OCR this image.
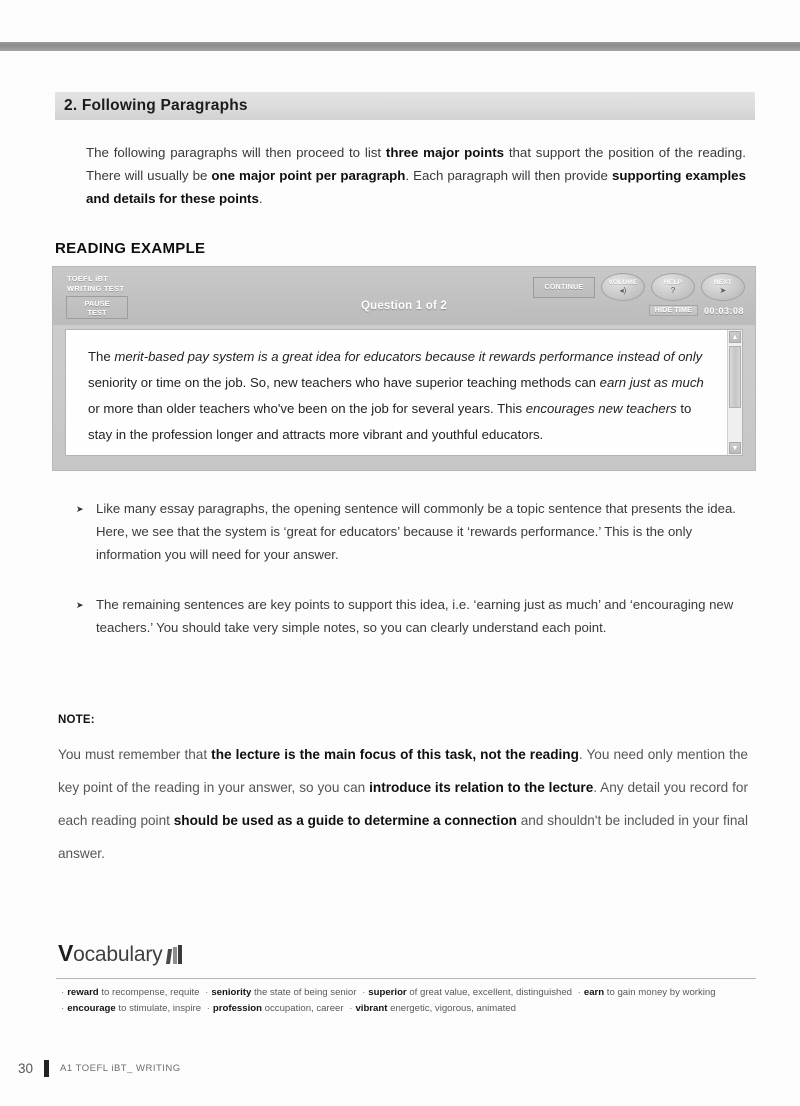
2. Following Paragraphs

The following paragraphs will then proceed to list three major points that support the position of the reading. There will usually be one major point per paragraph. Each paragraph will then provide supporting examples and details for these points.

READING EXAMPLE
TOEFL iBT
WRITING TEST
PAUSE
TEST	Question 1 of 2
CONTINUE
VOLUME
◂)
HELP
?
NEXT
➤
HIDE TIME	00:03:08
The merit-based pay system is a great idea for educators because it rewards performance instead of only seniority or time on the job. So, new teachers who have superior teaching methods can earn just as much or more than older teachers who've been on the job for several years. This encourages new teachers to stay in the profession longer and attracts more vibrant and youthful educators.
▲
▼
➤ Like many essay paragraphs, the opening sentence will commonly be a topic sentence that presents the idea. Here, we see that the system is ‘great for educators’ because it ‘rewards performance.’ This is the only information you will need for your answer.
➤ The remaining sentences are key points to support this idea, i.e. ‘earning just as much’ and ‘encouraging new teachers.’ You should take very simple notes, so you can clearly understand each point.
NOTE:
You must remember that the lecture is the main focus of this task, not the reading. You need only mention the key point of the reading in your answer, so you can introduce its relation to the lecture. Any detail you record for each reading point should be used as a guide to determine a connection and shouldn't be included in your final answer.
Vocabulary
· reward to recompense, requite · seniority the state of being senior · superior of great value, excellent, distinguished · earn to gain money by working
· encourage to stimulate, inspire · profession occupation, career · vibrant energetic, vigorous, animated
30	A1 TOEFL iBT_ WRITING
